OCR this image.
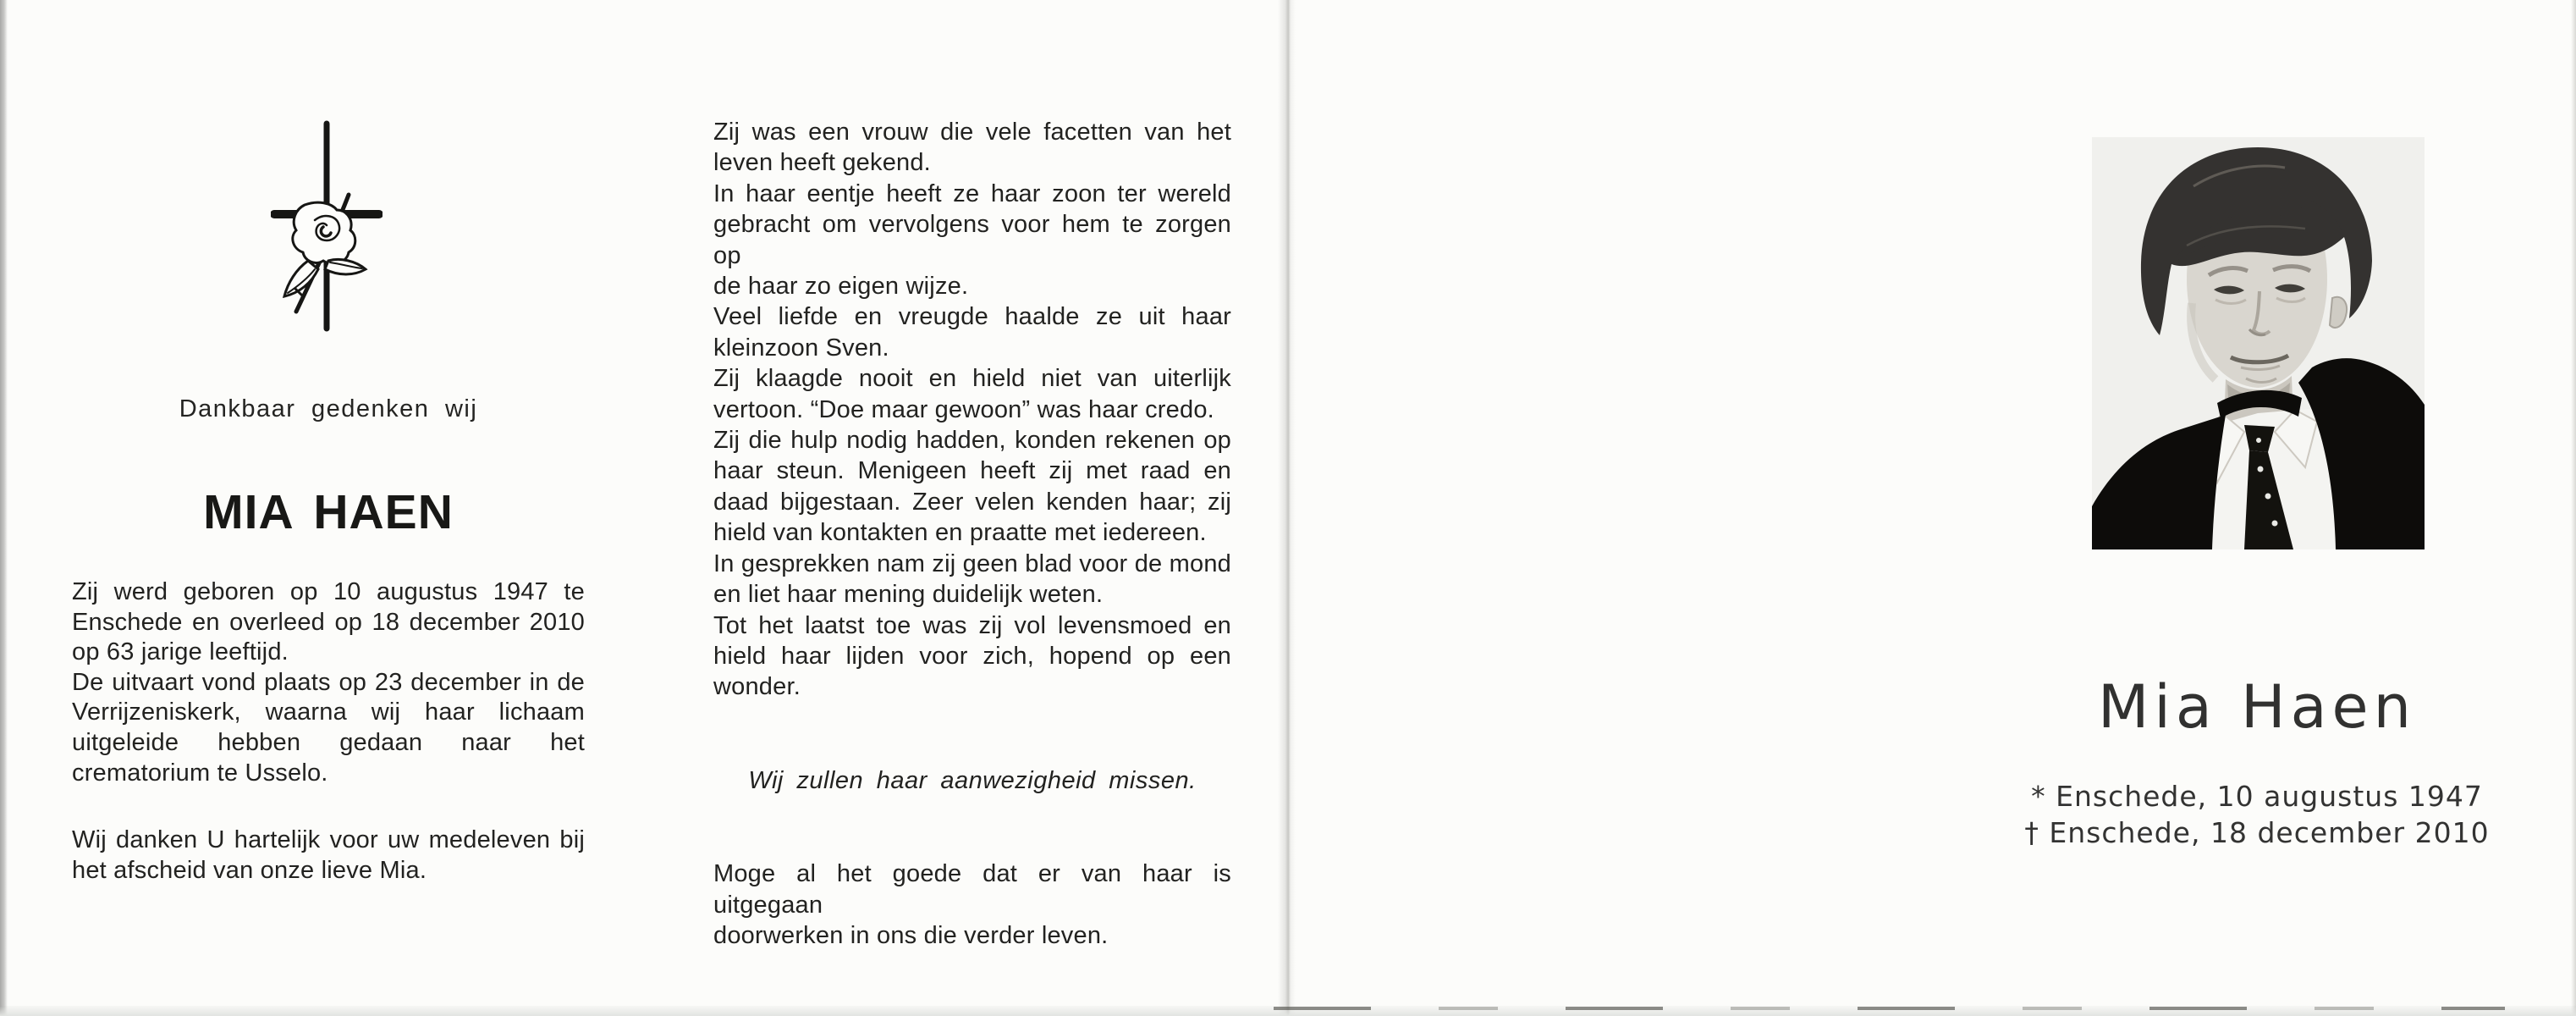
Dankbaar gedenken wij
MIA HAEN
Zij werd geboren op 10 augustus 1947 te
Enschede en overleed op 18 december 2010
op 63 jarige leeftijd.
De uitvaart vond plaats op 23 december in de
Verrijzeniskerk, waarna wij haar lichaam
uitgeleide hebben gedaan naar het
crematorium te Usselo.
Wij danken U hartelijk voor uw medeleven bij
het afscheid van onze lieve Mia.
Zij was een vrouw die vele facetten van het
leven heeft gekend.
In haar eentje heeft ze haar zoon ter wereld
gebracht om vervolgens voor hem te zorgen op
de haar zo eigen wijze.
Veel liefde en vreugde haalde ze uit haar
kleinzoon Sven.
Zij klaagde nooit en hield niet van uiterlijk
vertoon. “Doe maar gewoon” was haar credo.
Zij die hulp nodig hadden, konden rekenen op
haar steun. Menigeen heeft zij met raad en
daad bijgestaan. Zeer velen kenden haar; zij
hield van kontakten en praatte met iedereen.
In gesprekken nam zij geen blad voor de mond
en liet haar mening duidelijk weten.
Tot het laatst toe was zij vol levensmoed en
hield haar lijden voor zich, hopend op een
wonder.
Wij zullen haar aanwezigheid missen.
Moge al het goede dat er van haar is uitgegaan
doorwerken in ons die verder leven.
Mia Haen
* Enschede, 10 augustus 1947
† Enschede, 18 december 2010
